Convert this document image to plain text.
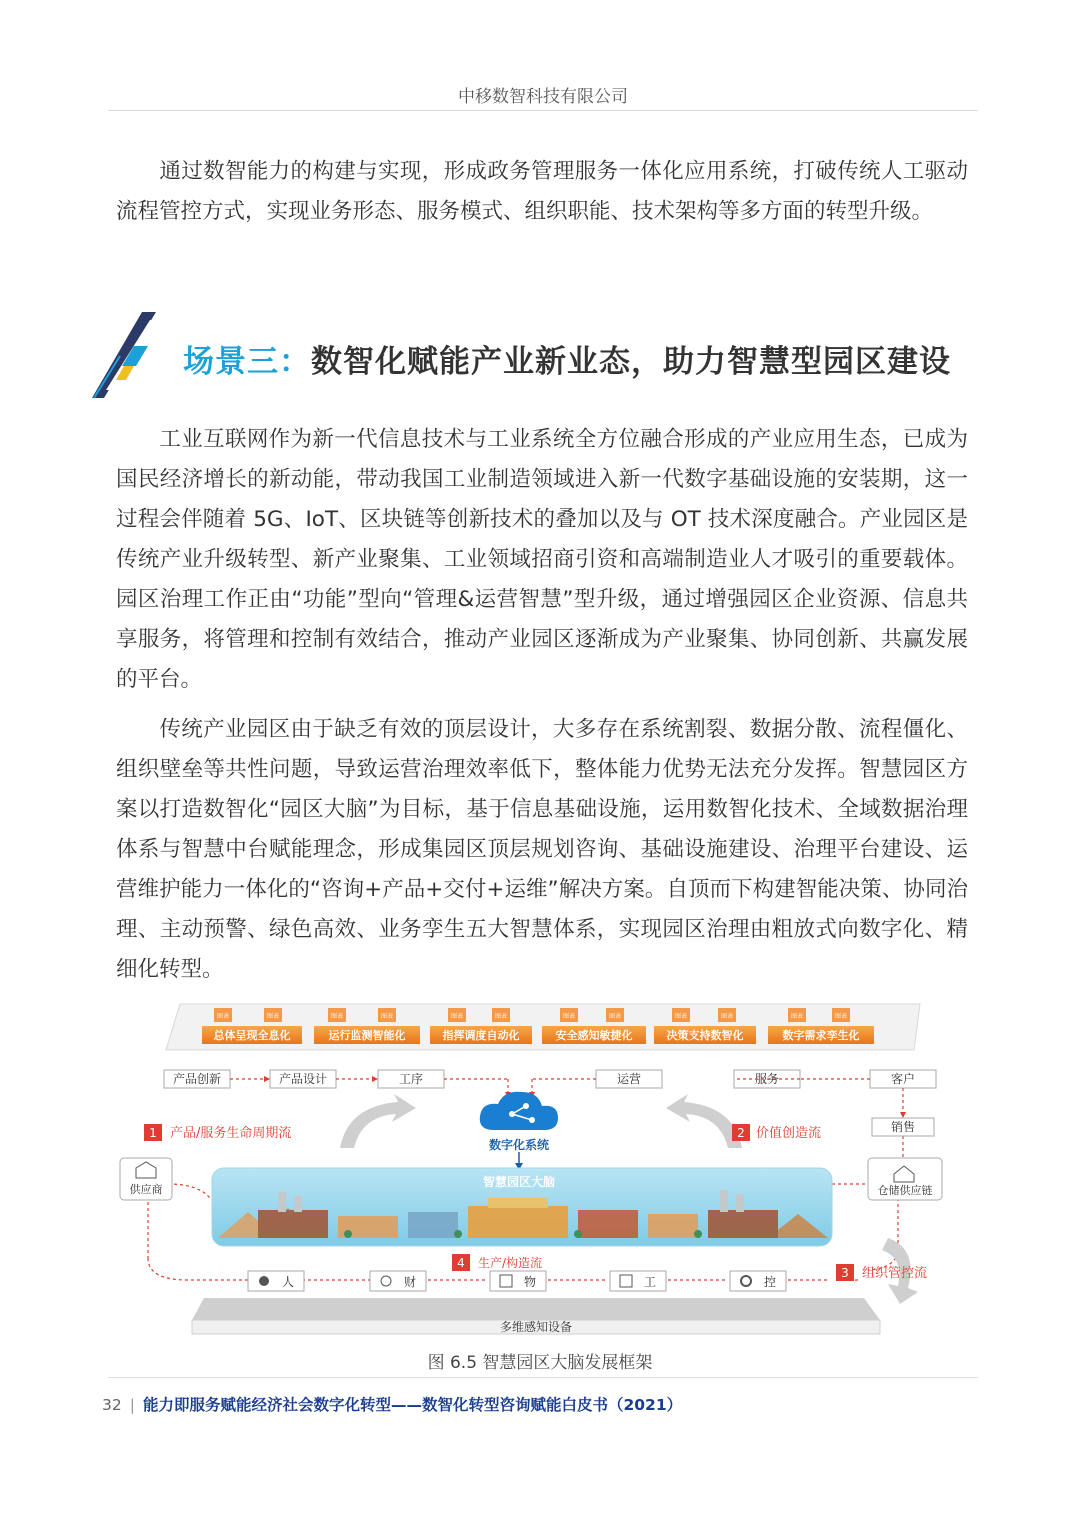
中移数智科技有限公司

通过数智能力的构建与实现，形成政务管理服务一体化应用系统，打破传统人工驱动流程管控方式，实现业务形态、服务模式、组织职能、技术架构等多方面的转型升级。

场景三：数智化赋能产业新业态，助力智慧型园区建设

工业互联网作为新一代信息技术与工业系统全方位融合形成的产业应用生态，已成为国民经济增长的新动能，带动我国工业制造领域进入新一代数字基础设施的安装期，这一过程会伴随着 5G、IoT、区块链等创新技术的叠加以及与 OT 技术深度融合。产业园区是传统产业升级转型、新产业聚集、工业领域招商引资和高端制造业人才吸引的重要载体。园区治理工作正由“功能”型向“管理&运营智慧”型升级，通过增强园区企业资源、信息共享服务，将管理和控制有效结合，推动产业园区逐渐成为产业聚集、协同创新、共赢发展的平台。

传统产业园区由于缺乏有效的顶层设计，大多存在系统割裂、数据分散、流程僵化、组织壁垒等共性问题，导致运营治理效率低下，整体能力优势无法充分发挥。智慧园区方案以打造数智化“园区大脑”为目标，基于信息基础设施，运用数智化技术、全域数据治理体系与智慧中台赋能理念，形成集园区顶层规划咨询、基础设施建设、治理平台建设、运营维护能力一体化的“咨询+产品+交付+运维”解决方案。自顶而下构建智能决策、协同治理、主动预警、绿色高效、业务孪生五大智慧体系，实现园区治理由粗放式向数字化、精细化转型。

图表	图表
总体呈现全息化
图表	图表
运行监测智能化
图表	图表
指挥调度自动化
图表	图表
安全感知敏捷化
图表	图表
决策支持数智化
图表	图表
数字需求孪生化
产品创新	产品设计	工序	运营	服务	客户
1 产品/服务生命周期流	2 价值创造流
数字化系统
供应商
销售
仓储供应链
智慧园区大脑
4 生产/构造流
3 组织管控流
人	财	物	工	控
多维感知设备
图 6.5 智慧园区大脑发展框架
32 | 能力即服务赋能经济社会数字化转型——数智化转型咨询赋能白皮书（2021）
